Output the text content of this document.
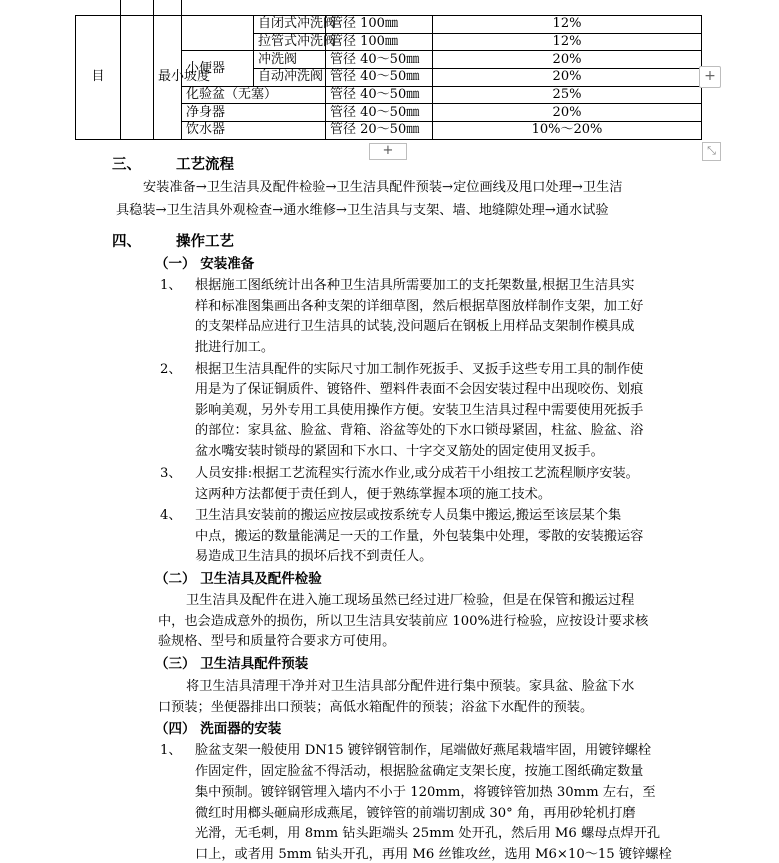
目		最小坡度		自闭式冲洗阀	管径 100㎜	12%
				拉管式冲洗阀	管径 100㎜	12%
			小便器	冲洗阀	管径 40～50㎜	20%
				自动冲洗阀	管径 40～50㎜	20%
			化验盆（无塞）		管径 40～50㎜	25%
			净身器		管径 40～50㎜	20%
			饮水器		管径 20～50㎜	10%～20%
+
+	⤡
三、 工艺流程
安装准备→卫生洁具及配件检验→卫生洁具配件预装→定位画线及甩口处理→卫生洁
具稳装→卫生洁具外观检查→通水维修→卫生洁具与支架、墙、地缝隙处理→通水试验
四、 操作工艺
（一） 安装准备
1、 根据施工图纸统计出各种卫生洁具所需要加工的支托架数量,根据卫生洁具实
样和标准图集画出各种支架的详细草图，然后根据草图放样制作支架，加工好
的支架样品应进行卫生洁具的试装,没问题后在钢板上用样品支架制作模具成
批进行加工。
2、 根据卫生洁具配件的实际尺寸加工制作死扳手、叉扳手这些专用工具的制作使
用是为了保证铜质件、镀铬件、塑料件表面不会因安装过程中出现咬伤、划痕
影响美观，另外专用工具使用操作方便。安装卫生洁具过程中需要使用死扳手
的部位：家具盆、脸盆、背箱、浴盆等处的下水口锁母紧固，柱盆、脸盆、浴
盆水嘴安装时锁母的紧固和下水口、十字交叉筋处的固定使用叉扳手。
3、 人员安排:根据工艺流程实行流水作业,或分成若干小组按工艺流程顺序安装。
这两种方法都便于责任到人，便于熟练掌握本项的施工技术。
4、 卫生洁具安装前的搬运应按层或按系统专人员集中搬运,搬运至该层某个集
中点，搬运的数量能满足一天的工作量，外包装集中处理，零散的安装搬运容
易造成卫生洁具的损坏后找不到责任人。
（二） 卫生洁具及配件检验
卫生洁具及配件在进入施工现场虽然已经过进厂检验，但是在保管和搬运过程
中，也会造成意外的损伤，所以卫生洁具安装前应 100%进行检验，应按设计要求核
验规格、型号和质量符合要求方可使用。
（三） 卫生洁具配件预装
将卫生洁具清理干净并对卫生洁具部分配件进行集中预装。家具盆、脸盆下水
口预装；坐便器排出口预装；高低水箱配件的预装；浴盆下水配件的预装。
（四） 洗面器的安装
1、 脸盆支架一般使用 DN15 镀锌钢管制作，尾端做好燕尾栽墙牢固，用镀锌螺栓
作固定件，固定脸盆不得活动，根据脸盆确定支架长度，按施工图纸确定数量
集中预制。镀锌钢管埋入墙内不小于 120mm，将镀锌管加热 30mm 左右，至
微红时用榔头砸扁形成燕尾，镀锌管的前端切割成 30° 角，再用砂轮机打磨
光滑，无毛刺，用 8mm 钻头距端头 25mm 处开孔，然后用 M6 螺母点焊开孔
口上，或者用 5mm 钻头开孔，再用 M6 丝锥攻丝，选用 M6×10～15 镀锌螺栓
